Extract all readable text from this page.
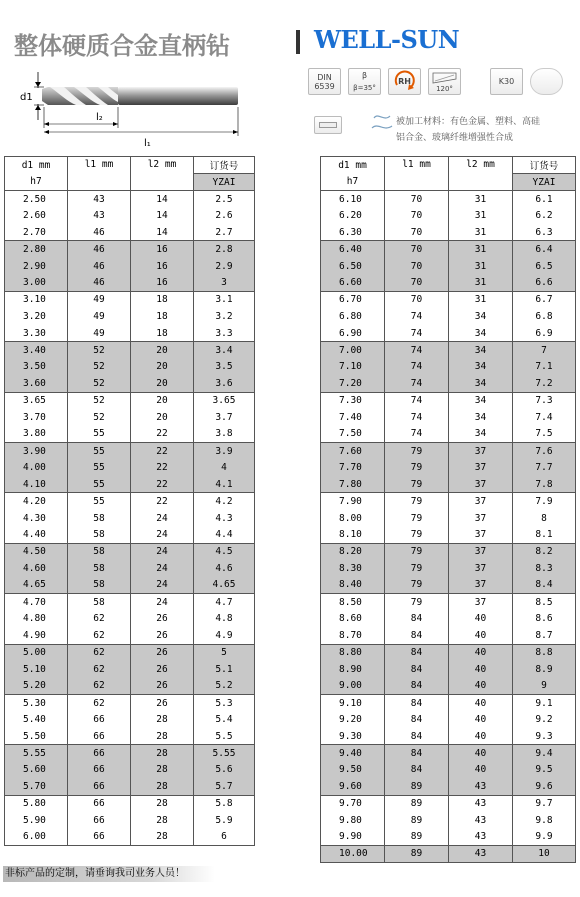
整体硬质合金直柄钻	WELL-SUN
d1
l₂
l₁
DIN
6539
β
β=35°
RH
120°
K30
被加工材料：有色金属、塑料、高硅
铝合金、玻璃纤维增强性合成
d1 mm
h7	l1 mm	l2 mm	订货号
			YZAI
2.50	43	14	2.5
2.60	43	14	2.6
2.70	46	14	2.7
2.80	46	16	2.8
2.90	46	16	2.9
3.00	46	16	3
3.10	49	18	3.1
3.20	49	18	3.2
3.30	49	18	3.3
3.40	52	20	3.4
3.50	52	20	3.5
3.60	52	20	3.6
3.65	52	20	3.65
3.70	52	20	3.7
3.80	55	22	3.8
3.90	55	22	3.9
4.00	55	22	4
4.10	55	22	4.1
4.20	55	22	4.2
4.30	58	24	4.3
4.40	58	24	4.4
4.50	58	24	4.5
4.60	58	24	4.6
4.65	58	24	4.65
4.70	58	24	4.7
4.80	62	26	4.8
4.90	62	26	4.9
5.00	62	26	5
5.10	62	26	5.1
5.20	62	26	5.2
5.30	62	26	5.3
5.40	66	28	5.4
5.50	66	28	5.5
5.55	66	28	5.55
5.60	66	28	5.6
5.70	66	28	5.7
5.80	66	28	5.8
5.90	66	28	5.9
6.00	66	28	6
d1 mm
h7	l1 mm	l2 mm	订货号
			YZAI
6.10	70	31	6.1
6.20	70	31	6.2
6.30	70	31	6.3
6.40	70	31	6.4
6.50	70	31	6.5
6.60	70	31	6.6
6.70	70	31	6.7
6.80	74	34	6.8
6.90	74	34	6.9
7.00	74	34	7
7.10	74	34	7.1
7.20	74	34	7.2
7.30	74	34	7.3
7.40	74	34	7.4
7.50	74	34	7.5
7.60	79	37	7.6
7.70	79	37	7.7
7.80	79	37	7.8
7.90	79	37	7.9
8.00	79	37	8
8.10	79	37	8.1
8.20	79	37	8.2
8.30	79	37	8.3
8.40	79	37	8.4
8.50	79	37	8.5
8.60	84	40	8.6
8.70	84	40	8.7
8.80	84	40	8.8
8.90	84	40	8.9
9.00	84	40	9
9.10	84	40	9.1
9.20	84	40	9.2
9.30	84	40	9.3
9.40	84	40	9.4
9.50	84	40	9.5
9.60	89	43	9.6
9.70	89	43	9.7
9.80	89	43	9.8
9.90	89	43	9.9
10.00	89	43	10
非标产品的定制，请垂询我司业务人员！
